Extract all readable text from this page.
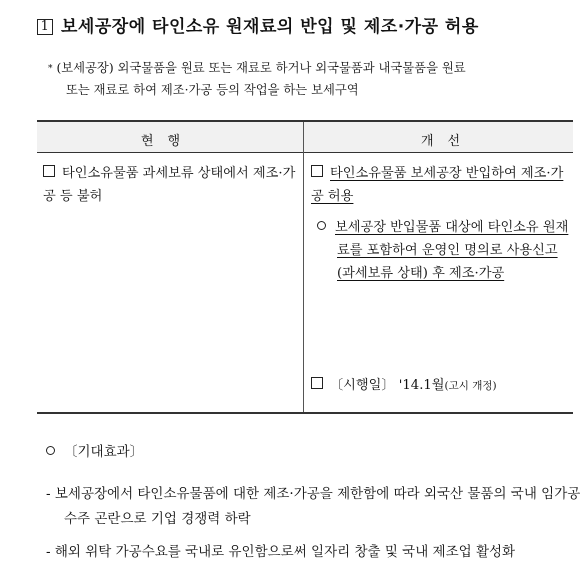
1 보세공장에 타인소유 원재료의 반입 및 제조·가공 허용
* (보세공장) 외국물품을 원료 또는 재료로 하거나 외국물품과 내국물품을 원료
또는 재료로 하여 제조·가공 등의 작업을 하는 보세구역
현행	개선
타인소유물품 과세보류 상태에서 제조·가공 등 불허
타인소유물품 보세공장 반입하여 제조·가공 허용
보세공장 반입물품 대상에 타인소유 원재료를 포함하여 운영인 명의로 사용신고(과세보류 상태) 후 제조·가공
〔시행일〕 '14.1월(고시 개정)
〔기대효과〕
- 보세공장에서 타인소유물품에 대한 제조·가공을 제한함에 따라 외국산 물품의 국내 임가공 수주 곤란으로 기업 경쟁력 하락
- 해외 위탁 가공수요를 국내로 유인함으로써 일자리 창출 및 국내 제조업 활성화
